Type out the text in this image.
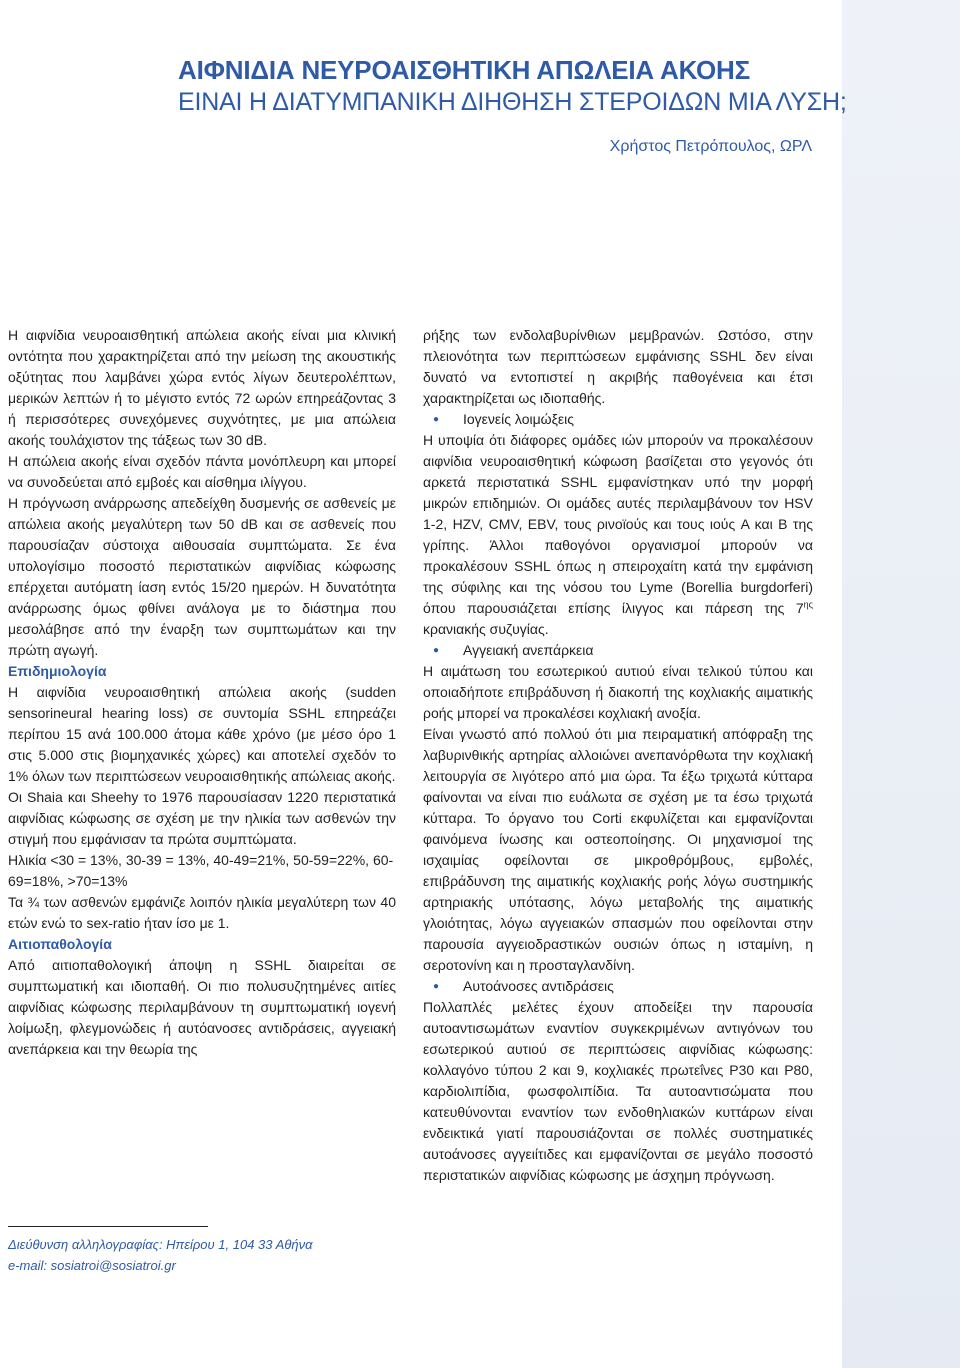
ΑΙΦΝΙΔΙΑ ΝΕΥΡΟΑΙΣΘΗΤΙΚΗ ΑΠΩΛΕΙΑ ΑΚΟΗΣ
ΕΙΝΑΙ Η ΔΙΑΤΥΜΠΑΝΙΚΗ ΔΙΗΘΗΣΗ ΣΤΕΡΟΙΔΩΝ ΜΙΑ ΛΥΣΗ;
Χρήστος Πετρόπουλος, ΩΡΛ

Η αιφνίδια νευροαισθητική απώλεια ακοής είναι μια κλινική οντότητα που χαρακτηρίζεται από την μείωση της ακουστικής οξύτητας που λαμβάνει χώρα εντός λίγων δευτερολέπτων, μερικών λεπτών ή το μέγιστο εντός 72 ωρών επηρεάζοντας 3 ή περισσότερες συνεχόμενες συχνότητες, με μια απώλεια ακοής τουλάχιστον της τάξεως των 30 dB.

Η απώλεια ακοής είναι σχεδόν πάντα μονόπλευρη και μπορεί να συνοδεύεται από εμβοές και αίσθημα ιλίγγου.

Η πρόγνωση ανάρρωσης απεδείχθη δυσμενής σε ασθενείς με απώλεια ακοής μεγαλύτερη των 50 dB και σε ασθενείς που παρουσίαζαν σύστοιχα αιθουσαία συμπτώματα. Σε ένα υπολογίσιμο ποσοστό περιστατικών αιφνίδιας κώφωσης επέρχεται αυτόματη ίαση εντός 15/20 ημερών. Η δυνατότητα ανάρρωσης όμως φθίνει ανάλογα με το διάστημα που μεσολάβησε από την έναρξη των συμπτωμάτων και την πρώτη αγωγή.

Επιδημιολογία

Η αιφνίδια νευροαισθητική απώλεια ακοής (sudden sensorineural hearing loss) σε συντομία SSHL επηρεάζει περίπου 15 ανά 100.000 άτομα κάθε χρόνο (με μέσο όρο 1 στις 5.000 στις βιομηχανικές χώρες) και αποτελεί σχεδόν το 1% όλων των περιπτώσεων νευροαισθητικής απώλειας ακοής.

Οι Shaia και Sheehy το 1976 παρουσίασαν 1220 περιστατικά αιφνίδιας κώφωσης σε σχέση με την ηλικία των ασθενών την στιγμή που εμφάνισαν τα πρώτα συμπτώματα.

Ηλικία <30 = 13%, 30-39 = 13%, 40-49=21%, 50-59=22%, 60-69=18%, >70=13%

Τα ¾ των ασθενών εμφάνιζε λοιπόν ηλικία μεγαλύτερη των 40 ετών ενώ το sex-ratio ήταν ίσο με 1.

Αιτιοπαθολογία

Από αιτιοπαθολογική άποψη η SSHL διαιρείται σε συμπτωματική και ιδιοπαθή. Οι πιο πολυσυζητημένες αιτίες αιφνίδιας κώφωσης περιλαμβάνουν τη συμπτωματική ιογενή λοίμωξη, φλεγμονώδεις ή αυτόανοσες αντιδράσεις, αγγειακή ανεπάρκεια και την θεωρία της

Διεύθυνση αλληλογραφίας: Ηπείρου 1, 104 33 Αθήνα
e-mail: sosiatroi@sosiatroi.gr

ρήξης των ενδολαβυρίνθιων μεμβρανών. Ωστόσο, στην πλειονότητα των περιπτώσεων εμφάνισης SSHL δεν είναι δυνατό να εντοπιστεί η ακριβής παθογένεια και έτσι χαρακτηρίζεται ως ιδιοπαθής.

● Ιογενείς λοιμώξεις

Η υποψία ότι διάφορες ομάδες ιών μπορούν να προκαλέσουν αιφνίδια νευροαισθητική κώφωση βασίζεται στο γεγονός ότι αρκετά περιστατικά SSHL εμφανίστηκαν υπό την μορφή μικρών επιδημιών. Οι ομάδες αυτές περιλαμβάνουν τον HSV 1-2, HZV, CMV, EBV, τους ρινοϊούς και τους ιούς A και B της γρίπης. Άλλοι παθογόνοι οργανισμοί μπορούν να προκαλέσουν SSHL όπως η σπειροχαίτη κατά την εμφάνιση της σύφιλης και της νόσου του Lyme (Borellia burgdorferi) όπου παρουσιάζεται επίσης ίλιγγος και πάρεση της $7^{\eta\varsigma}$ κρανιακής συζυγίας.

● Αγγειακή ανεπάρκεια

Η αιμάτωση του εσωτερικού αυτιού είναι τελικού τύπου και οποιαδήποτε επιβράδυνση ή διακοπή της κοχλιακής αιματικής ροής μπορεί να προκαλέσει κοχλιακή ανοξία.

Είναι γνωστό από πολλού ότι μια πειραματική απόφραξη της λαβυρινθικής αρτηρίας αλλοιώνει ανεπανόρθωτα την κοχλιακή λειτουργία σε λιγότερο από μια ώρα. Τα έξω τριχωτά κύτταρα φαίνονται να είναι πιο ευάλωτα σε σχέση με τα έσω τριχωτά κύτταρα. Το όργανο του Corti εκφυλίζεται και εμφανίζονται φαινόμενα ίνωσης και οστεοποίησης. Οι μηχανισμοί της ισχαιμίας οφείλονται σε μικροθρόμβους, εμβολές, επιβράδυνση της αιματικής κοχλιακής ροής λόγω συστημικής αρτηριακής υπότασης, λόγω μεταβολής της αιματικής γλοιότητας, λόγω αγγειακών σπασμών που οφείλονται στην παρουσία αγγειοδραστικών ουσιών όπως η ισταμίνη, η σεροτονίνη και η προσταγλανδίνη.

● Αυτοάνοσες αντιδράσεις

Πολλαπλές μελέτες έχουν αποδείξει την παρουσία αυτοαντισωμάτων εναντίον συγκεκριμένων αντιγόνων του εσωτερικού αυτιού σε περιπτώσεις αιφνίδιας κώφωσης: κολλαγόνο τύπου 2 και 9, κοχλιακές πρωτεΐνες P30 και P80, καρδιολιπίδια, φωσφολιπίδια. Τα αυτοαντισώματα που κατευθύνονται εναντίον των ενδοθηλιακών κυττάρων είναι ενδεικτικά γιατί παρουσιάζονται σε πολλές συστηματικές αυτοάνοσες αγγειίτιδες και εμφανίζονται σε μεγάλο ποσοστό περιστατικών αιφνίδιας κώφωσης με άσχημη πρόγνωση.
